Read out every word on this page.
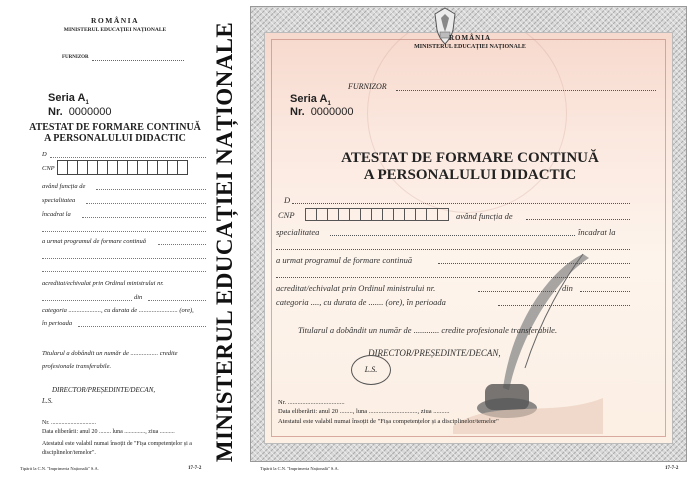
ROMÂNIA
MINISTERUL EDUCAȚIEI NAȚIONALE
FURNIZOR
Seria $A_1$
Nr. 0000000
ATESTAT DE FORMARE CONTINUĂ
A PERSONALULUI DIDACTIC
D
CNP
având funcția de
specialitatea
încadrat la
a urmat programul de formare continuă
acreditat/echivalat prin Ordinul ministrului nr.
din
categoria ...................., cu durata de ........................ (ore),
în perioada
Titularul a dobândit un număr de ................. credite
profesionale transferabile.
DIRECTOR/PREȘEDINTE/DECAN,
L.S.
Nr. ..............................
Data eliberării: anul 20 ........ luna .............., ziua ..........
Atestatul este valabil numai însoțit de "Fișa competențelor și a
disciplinelor/temelor".
Tipărit la C.N. "Imprimeria Națională" S.A.	17-7-2
MINISTERUL EDUCAȚIEI NAȚIONALE	ROMÂNIA
MINISTERUL EDUCAȚIEI NAȚIONALE
FURNIZOR
Seria $A_1$
Nr. 0000000
ATESTAT DE FORMARE CONTINUĂ
A PERSONALULUI DIDACTIC
D
CNP	având funcția de
specialitatea	încadrat la
a urmat programul de formare continuă
acreditat/echivalat prin Ordinul ministrului nr.	din
categoria ...., cu durata de ....... (ore), în perioada
Titularul a dobândit un număr de ............ credite profesionale transferabile.
DIRECTOR/PREȘEDINTE/DECAN,
L.S.
Nr. ...................................
Data eliberării: anul 20 ........, luna .............................., ziua ..........
Atestatul este valabil numai însoțit de "Fișa competențelor și a disciplinelor/temelor"
Tipărit la C.N. "Imprimeria Națională" S.A.	17-7-2
